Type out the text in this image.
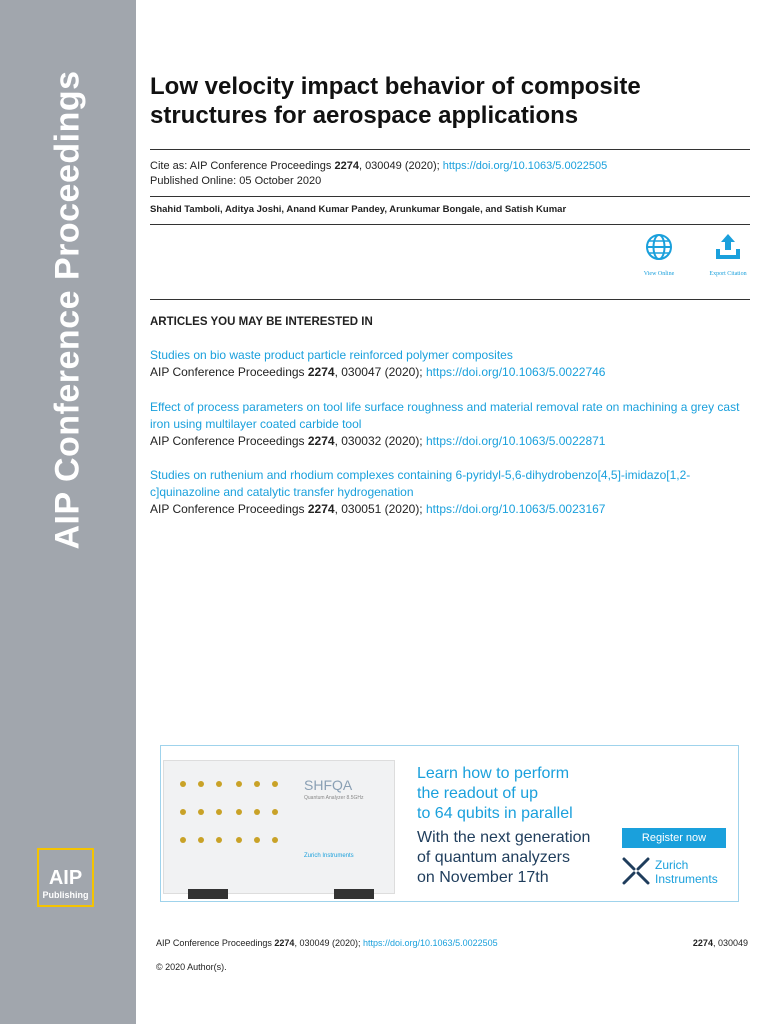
AIP Conference Proceedings
AIP
Publishing
Low velocity impact behavior of composite structures for aerospace applications
Cite as: AIP Conference Proceedings 2274, 030049 (2020); https://doi.org/10.1063/5.0022505
Published Online: 05 October 2020
Shahid Tamboli, Aditya Joshi, Anand Kumar Pandey, Arunkumar Bongale, and Satish Kumar
View Online	Export Citation
ARTICLES YOU MAY BE INTERESTED IN
Studies on bio waste product particle reinforced polymer composites
AIP Conference Proceedings 2274, 030047 (2020); https://doi.org/10.1063/5.0022746
Effect of process parameters on tool life surface roughness and material removal rate on machining a grey cast iron using multilayer coated carbide tool
AIP Conference Proceedings 2274, 030032 (2020); https://doi.org/10.1063/5.0022871
Studies on ruthenium and rhodium complexes containing 6-pyridyl-5,6-dihydrobenzo[4,5]-imidazo[1,2-c]quinazoline and catalytic transfer hydrogenation
AIP Conference Proceedings 2274, 030051 (2020); https://doi.org/10.1063/5.0023167
SHFQA
Quantum Analyzer 8.5GHz
Zurich Instruments
Learn how to perform
the readout of up
to 64 qubits in parallel
With the next generation
of quantum analyzers
on November 17th
Register now
Zurich
Instruments
AIP Conference Proceedings 2274, 030049 (2020); https://doi.org/10.1063/5.0022505	2274, 030049
© 2020 Author(s).
